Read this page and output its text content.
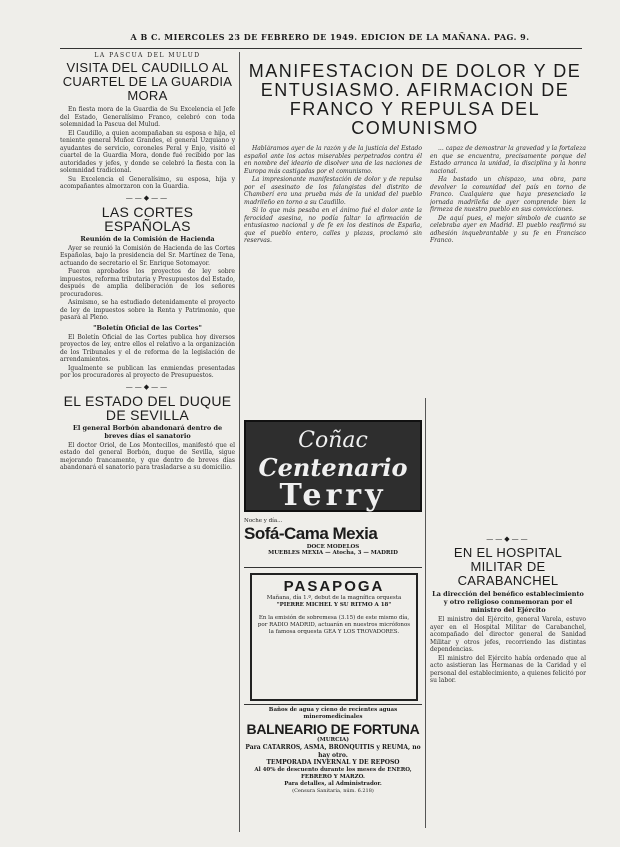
A B C. MIERCOLES 23 DE FEBRERO DE 1949. EDICION DE LA MAÑANA. PAG. 9.
LA PASCUA DEL MULUD
VISITA DEL CAUDILLO AL CUARTEL DE LA GUARDIA MORA

En fiesta mora de la Guardia de Su Excelencia el Jefe del Estado, Generalísimo Franco, celebró con toda solemnidad la Pascua del Mulud.

El Caudillo, a quien acompañaban su esposa e hija, el teniente general Muñoz Grandes, el general Uzquiano y ayudantes de servicio, coroneles Peral y Enjo, visitó el cuartel de la Guardia Mora, donde fué recibido por las autoridades y jefes, y donde se celebró la fiesta con la solemnidad tradicional.

Su Excelencia el Generalísimo, su esposa, hija y acompañantes almorzaron con la Guardia.

——◆——
LAS CORTES ESPAÑOLAS
Reunión de la Comisión de Hacienda

Ayer se reunió la Comisión de Hacienda de las Cortes Españolas, bajo la presidencia del Sr. Martínez de Tena, actuando de secretario el Sr. Enrique Sotomayor.

Fueron aprobados los proyectos de ley sobre impuestos, reforma tributaria y Presupuestos del Estado, después de amplia deliberación de los señores procuradores.

Asimismo, se ha estudiado detenidamente el proyecto de ley de impuestos sobre la Renta y Patrimonio, que pasará al Pleno.

"Boletín Oficial de las Cortes"

El Boletín Oficial de las Cortes publica hoy diversos proyectos de ley, entre ellos el relativo a la organización de los Tribunales y el de reforma de la legislación de arrendamientos.

Igualmente se publican las enmiendas presentadas por los procuradores al proyecto de Presupuestos.

——◆——
EL ESTADO DEL DUQUE DE SEVILLA
El general Borbón abandonará dentro de breves días el sanatorio

El doctor Oriol, de Los Montecillos, manifestó que el estado del general Borbón, duque de Sevilla, sigue mejorando francamente, y que dentro de breves días abandonará el sanatorio para trasladarse a su domicilio.

MANIFESTACION DE DOLOR Y DE ENTUSIASMO. AFIRMACION DE FRANCO Y REPULSA DEL COMUNISMO

Habláramos ayer de la razón y de la justicia del Estado español ante los actos miserables perpetrados contra él en nombre del ideario de disolver una de las naciones de Europa más castigadas por el comunismo.

La impresionante manifestación de dolor y de repulsa por el asesinato de los falangistas del distrito de Chamberí era una prueba más de la unidad del pueblo madrileño en torno a su Caudillo.

Si lo que más pesaba en el ánimo fué el dolor ante la ferocidad asesina, no podía faltar la afirmación de entusiasmo nacional y de fe en los destinos de España, que el pueblo entero, calles y plazas, proclamó sin reservas.

... capaz de demostrar la gravedad y la fortaleza en que se encuentra, precisamente porque del Estado arranca la unidad, la disciplina y la honra nacional.

Ha bastado un chispazo, una obra, para devolver la comunidad del país en torno de Franco. Cualquiera que haya presenciado la jornada madrileña de ayer comprende bien la firmeza de nuestro pueblo en sus convicciones.

De aquí pues, el mejor símbolo de cuanto se celebraba ayer en Madrid. El pueblo reafirmó su adhesión inquebrantable y su fe en Francisco Franco.

——◆——
EN EL HOSPITAL MILITAR DE CARABANCHEL
La dirección del benéfico establecimiento y otro religioso conmemoran por el ministro del Ejército

El ministro del Ejército, general Varela, estuvo ayer en el Hospital Militar de Carabanchel, acompañado del director general de Sanidad Militar y otros jefes, recorriendo las distintas dependencias.

El ministro del Ejército había ordenado que al acto asistieran las Hermanas de la Caridad y el personal del establecimiento, a quienes felicitó por su labor.

Coñac
Centenario
Terry
Noche y día...
Sofá-Cama Mexia
DOCE MODELOS
MUEBLES MEXIA — Atocha, 3 — MADRID
PASAPOGA
Mañana, día 1.º, debut de la magnífica orquesta
"PIERRE MICHEL Y SU RITMO A 18"
En la emisión de sobremesa (3.15) de este mismo día, por RADIO MADRID, actuarán en nuestros micrófonos la famosa orquesta GEA Y LOS TROVADORES.
Baños de agua y cieno de recientes aguas mineromedicinales
BALNEARIO DE FORTUNA
(MURCIA)
Para CATARROS, ASMA, BRONQUITIS y REUMA, no hay otro.
TEMPORADA INVERNAL Y DE REPOSO
Al 40% de descuento durante los meses de ENERO, FEBRERO Y MARZO.
Para detalles, al Administrador.
(Censura Sanitaria, núm. 6.218)
